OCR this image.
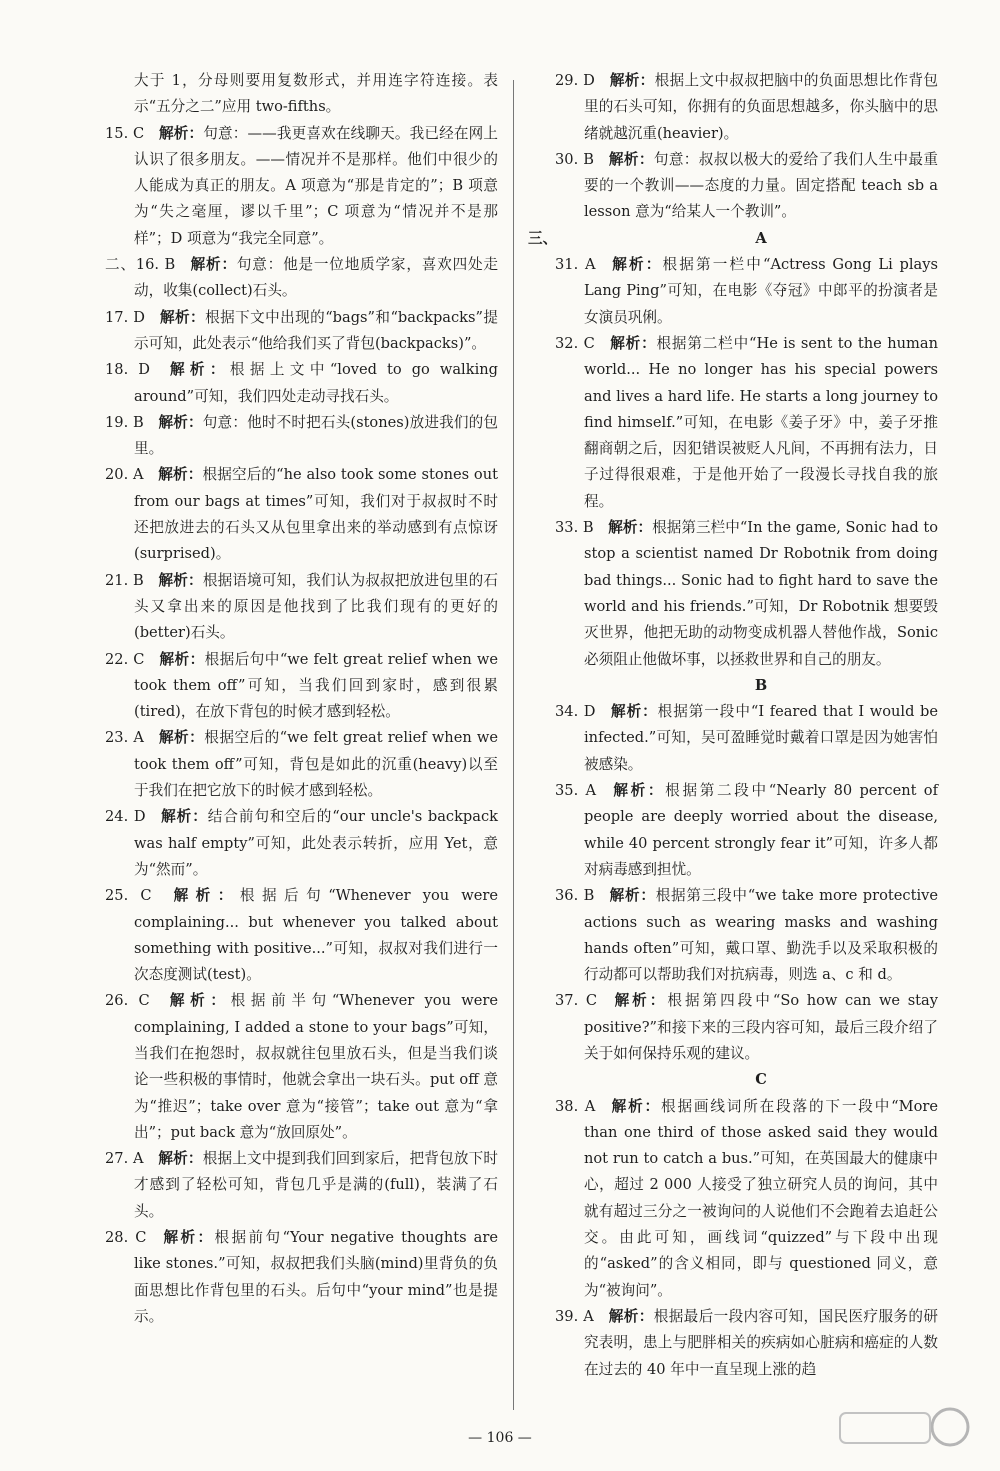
大于 1，分母则要用复数形式，并用连字符连接。表示“五分之二”应用 two-fifths。

15. C 解析：句意：——我更喜欢在线聊天。我已经在网上认识了很多朋友。——情况并不是那样。他们中很少的人能成为真正的朋友。A 项意为“那是肯定的”；B 项意为“失之毫厘，谬以千里”；C 项意为“情况并不是那样”；D 项意为“我完全同意”。

二、16. B 解析：句意：他是一位地质学家，喜欢四处走动，收集(collect)石头。

17. D 解析：根据下文中出现的“bags”和“backpacks”提示可知，此处表示“他给我们买了背包(backpacks)”。

18. D 解析：根据上文中“loved to go walking around”可知，我们四处走动寻找石头。

19. B 解析：句意：他时不时把石头(stones)放进我们的包里。

20. A 解析：根据空后的“he also took some stones out from our bags at times”可知，我们对于叔叔时不时还把放进去的石头又从包里拿出来的举动感到有点惊讶(surprised)。

21. B 解析：根据语境可知，我们认为叔叔把放进包里的石头又拿出来的原因是他找到了比我们现有的更好的(better)石头。

22. C 解析：根据后句中“we felt great relief when we took them off”可知，当我们回到家时，感到很累(tired)，在放下背包的时候才感到轻松。

23. A 解析：根据空后的“we felt great relief when we took them off”可知，背包是如此的沉重(heavy)以至于我们在把它放下的时候才感到轻松。

24. D 解析：结合前句和空后的“our uncle's backpack was half empty”可知，此处表示转折，应用 Yet，意为“然而”。

25. C 解析：根据后句“Whenever you were complaining... but whenever you talked about something with positive...”可知，叔叔对我们进行一次态度测试(test)。

26. C 解析：根据前半句“Whenever you were complaining, I added a stone to your bags”可知，当我们在抱怨时，叔叔就往包里放石头，但是当我们谈论一些积极的事情时，他就会拿出一块石头。put off 意为“推迟”；take over 意为“接管”；take out 意为“拿出”；put back 意为“放回原处”。

27. A 解析：根据上文中提到我们回到家后，把背包放下时才感到了轻松可知，背包几乎是满的(full)，装满了石头。

28. C 解析：根据前句“Your negative thoughts are like stones.”可知，叔叔把我们头脑(mind)里背负的负面思想比作背包里的石头。后句中“your mind”也是提示。

29. D 解析：根据上文中叔叔把脑中的负面思想比作背包里的石头可知，你拥有的负面思想越多，你头脑中的思绪就越沉重(heavier)。

30. B 解析：句意：叔叔以极大的爱给了我们人生中最重要的一个教训——态度的力量。固定搭配 teach sb a lesson 意为“给某人一个教训”。

三、	A

31. A 解析：根据第一栏中“Actress Gong Li plays Lang Ping”可知，在电影《夺冠》中郎平的扮演者是女演员巩俐。

32. C 解析：根据第二栏中“He is sent to the human world... He no longer has his special powers and lives a hard life. He starts a long journey to find himself.”可知，在电影《姜子牙》中，姜子牙推翻商朝之后，因犯错误被贬人凡间，不再拥有法力，日子过得很艰难，于是他开始了一段漫长寻找自我的旅程。

33. B 解析：根据第三栏中“In the game, Sonic had to stop a scientist named Dr Robotnik from doing bad things... Sonic had to fight hard to save the world and his friends.”可知，Dr Robotnik 想要毁灭世界，他把无助的动物变成机器人替他作战，Sonic 必须阻止他做坏事，以拯救世界和自己的朋友。

B

34. D 解析：根据第一段中“I feared that I would be infected.”可知，吴可盈睡觉时戴着口罩是因为她害怕被感染。

35. A 解析：根据第二段中“Nearly 80 percent of people are deeply worried about the disease, while 40 percent strongly fear it”可知，许多人都对病毒感到担忧。

36. B 解析：根据第三段中“we take more protective actions such as wearing masks and washing hands often”可知，戴口罩、勤洗手以及采取积极的行动都可以帮助我们对抗病毒，则选 a、c 和 d。

37. C 解析：根据第四段中“So how can we stay positive?”和接下来的三段内容可知，最后三段介绍了关于如何保持乐观的建议。

C

38. A 解析：根据画线词所在段落的下一段中“More than one third of those asked said they would not run to catch a bus.”可知，在英国最大的健康中心，超过 2 000 人接受了独立研究人员的询问，其中就有超过三分之一被询问的人说他们不会跑着去追赶公交。由此可知，画线词“quizzed”与下段中出现的“asked”的含义相同，即与 questioned 同义，意为“被询问”。

39. A 解析：根据最后一段内容可知，国民医疗服务的研究表明，患上与肥胖相关的疾病如心脏病和癌症的人数在过去的 40 年中一直呈现上涨的趋

— 106 —
